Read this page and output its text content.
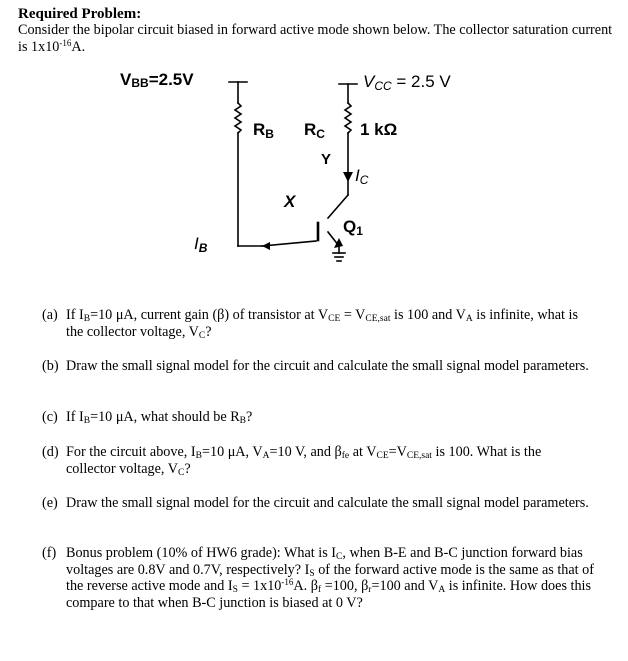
Required Problem:
Consider the bipolar circuit biased in forward active mode shown below. The collector saturation current is $1x10^{-16}A$.
VBB=2.5V	VCC = 2.5 V
RB RC 1 kΩ
Y
X
IC
IB
Q1
(a) If $I_B=10$ μA, current gain (β) of transistor at $V_{CE} = V_{CE,sat}$ is 100 and $V_A$ is infinite, what is the collector voltage, $V_C$?
(b) Draw the small signal model for the circuit and calculate the small signal model parameters.
(c) If $I_B=10$ μA, what should be $R_B$?
(d) For the circuit above, $I_B=10$ μA, $V_A=10$ V, and $\beta_{fe}$ at $V_{CE}=V_{CE,sat}$ is 100. What is the collector voltage, $V_C$?
(e) Draw the small signal model for the circuit and calculate the small signal model parameters.
(f) Bonus problem (10% of HW6 grade): What is $I_C$, when B-E and B-C junction forward bias voltages are 0.8V and 0.7V, respectively? $I_S$ of the forward active mode is the same as that of the reverse active mode and $I_S = 1x10^{-16}A$. $\beta_f =100$, $\beta_r=100$ and $V_A$ is infinite. How does this compare to that when B-C junction is biased at 0 V?
